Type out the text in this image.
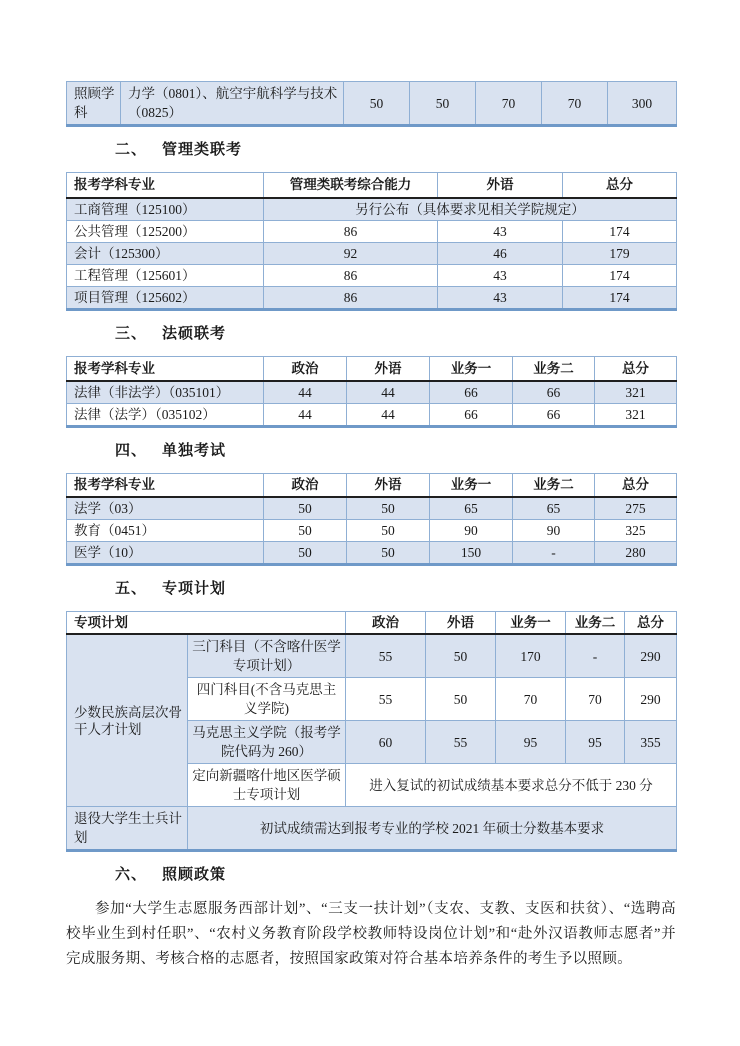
照顾学科	力学（0801）、航空宇航科学与技术（0825）	50	50	70	70	300
二、 管理类联考
报考学科专业	管理类联考综合能力	外语	总分
工商管理（125100）	另行公布（具体要求见相关学院规定）		
公共管理（125200）	86	43	174
会计（125300）	92	46	179
工程管理（125601）	86	43	174
项目管理（125602）	86	43	174
三、 法硕联考
报考学科专业	政治	外语	业务一	业务二	总分
法律（非法学）（035101）	44	44	66	66	321
法律（法学）（035102）	44	44	66	66	321
四、 单独考试
报考学科专业	政治	外语	业务一	业务二	总分
法学（03）	50	50	65	65	275
教育（0451）	50	50	90	90	325
医学（10）	50	50	150	-	280
五、 专项计划
专项计划		政治	外语	业务一	业务二	总分
少数民族高层次骨干人才计划	三门科目（不含喀什医学专项计划）	55	50	170	-	290
	四门科目(不含马克思主义学院)	55	50	70	70	290
	马克思主义学院（报考学院代码为 260）	60	55	95	95	355
	定向新疆喀什地区医学硕士专项计划	进入复试的初试成绩基本要求总分不低于 230 分				
退役大学生士兵计划	初试成绩需达到报考专业的学校 2021 年硕士分数基本要求					
六、 照顾政策

参加“大学生志愿服务西部计划”、“三支一扶计划”（支农、支教、支医和扶贫）、“选聘高校毕业生到村任职”、“农村义务教育阶段学校教师特设岗位计划”和“赴外汉语教师志愿者”并完成服务期、考核合格的志愿者，按照国家政策对符合基本培养条件的考生予以照顾。
